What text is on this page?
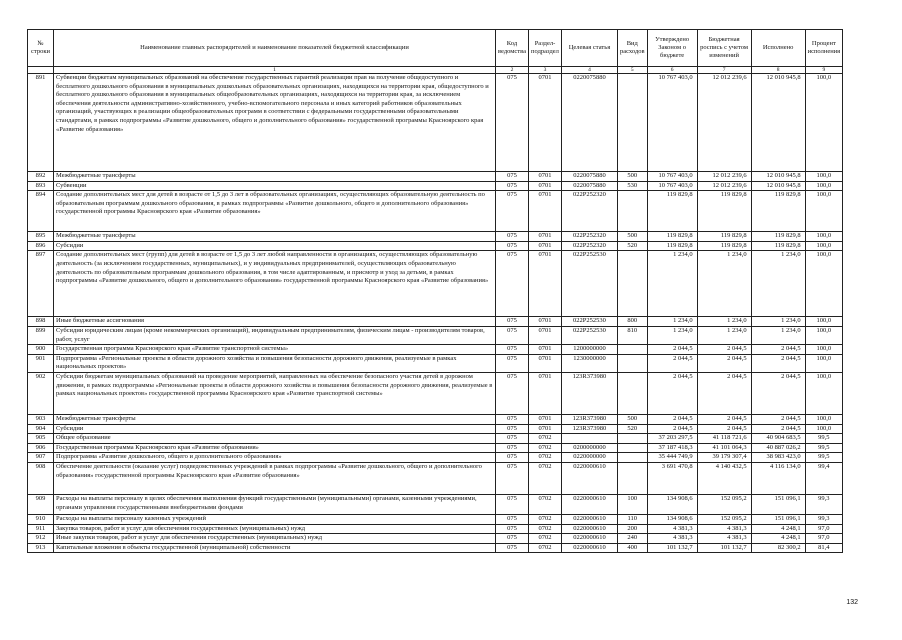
№ строки	Наименование главных распорядителей и наименование показателей бюджетной классификации	Код ведомства	Раздел-подраздел	Целевая статья	Вид расходов	Утверждено Законом о бюджете	Бюджетная роспись с учетом изменений	Исполнено	Процент исполнения
	1	2	3	4	5	6	7	8	9
891	Субвенции бюджетам муниципальных образований на обеспечение государственных гарантий реализации прав на получение общедоступного и бесплатного дошкольного образования в муниципальных дошкольных образовательных организациях, находящихся на территории края, общедоступного и бесплатного дошкольного образования в муниципальных общеобразовательных организациях, находящихся на территории края, за исключением обеспечения деятельности административно-хозяйственного, учебно-вспомогательного персонала и иных категорий работников образовательных организаций, участвующих в реализации общеобразовательных программ в соответствии с федеральными государственными образовательными стандартами, в рамках подпрограммы «Развитие дошкольного, общего и дополнительного образования» государственной программы Красноярского края «Развитие образования»	075	0701	0220075880		10 767 403,0	12 012 239,6	12 010 945,8	100,0
892	Межбюджетные трансферты	075	0701	0220075880	500	10 767 403,0	12 012 239,6	12 010 945,8	100,0
893	Субвенции	075	0701	0220075880	530	10 767 403,0	12 012 239,6	12 010 945,8	100,0
894	Создание дополнительных мест для детей в возрасте от 1,5 до 3 лет в образовательных организациях, осуществляющих образовательную деятельность по образовательным программам дошкольного образования, в рамках подпрограммы «Развитие дошкольного, общего и дополнительного образования» государственной программы Красноярского края «Развитие образования»	075	0701	022P252320		119 829,8	119 829,8	119 829,8	100,0
895	Межбюджетные трансферты	075	0701	022P252320	500	119 829,8	119 829,8	119 829,8	100,0
896	Субсидии	075	0701	022P252320	520	119 829,8	119 829,8	119 829,8	100,0
897	Создание дополнительных мест (групп) для детей в возрасте от 1,5 до 3 лет любой направленности в организациях, осуществляющих образовательную деятельность (за исключением государственных, муниципальных), и у индивидуальных предпринимателей, осуществляющих образовательную деятельность по образовательным программам дошкольного образования, в том числе адаптированным, и присмотр и уход за детьми, в рамках подпрограммы «Развитие дошкольного, общего и дополнительного образования» государственной программы Красноярского края «Развитие образования»	075	0701	022P252530		1 234,0	1 234,0	1 234,0	100,0
898	Иные бюджетные ассигнования	075	0701	022P252530	800	1 234,0	1 234,0	1 234,0	100,0
899	Субсидии юридическим лицам (кроме некоммерческих организаций), индивидуальным предпринимателям, физическим лицам - производителям товаров, работ, услуг	075	0701	022P252530	810	1 234,0	1 234,0	1 234,0	100,0
900	Государственная программа Красноярского края «Развитие транспортной системы»	075	0701	1200000000		2 044,5	2 044,5	2 044,5	100,0
901	Подпрограмма «Региональные проекты в области дорожного хозяйства и повышения безопасности дорожного движения, реализуемые в рамках национальных проектов»	075	0701	1230000000		2 044,5	2 044,5	2 044,5	100,0
902	Субсидии бюджетам муниципальных образований на проведение мероприятий, направленных на обеспечение безопасного участия детей в дорожном движении, в рамках подпрограммы «Региональные проекты в области дорожного хозяйства и повышения безопасности дорожного движения, реализуемые в рамках национальных проектов» государственной программы Красноярского края «Развитие транспортной системы»	075	0701	123R373980		2 044,5	2 044,5	2 044,5	100,0
903	Межбюджетные трансферты	075	0701	123R373980	500	2 044,5	2 044,5	2 044,5	100,0
904	Субсидии	075	0701	123R373980	520	2 044,5	2 044,5	2 044,5	100,0
905	Общее образование	075	0702			37 203 297,5	41 118 721,6	40 904 683,5	99,5
906	Государственная программа Красноярского края «Развитие образования»	075	0702	0200000000		37 187 418,3	41 101 064,3	40 887 026,2	99,5
907	Подпрограмма «Развитие дошкольного, общего и дополнительного образования»	075	0702	0220000000		35 444 749,9	39 179 307,4	38 983 423,0	99,5
908	Обеспечение деятельности (оказание услуг) подведомственных учреждений в рамках подпрограммы «Развитие дошкольного, общего и дополнительного образования» государственной программы Красноярского края «Развитие образования»	075	0702	0220000610		3 691 470,8	4 140 432,5	4 116 134,0	99,4
909	Расходы на выплаты персоналу в целях обеспечения выполнения функций государственными (муниципальными) органами, казенными учреждениями, органами управления государственными внебюджетными фондами	075	0702	0220000610	100	134 908,6	152 095,2	151 096,1	99,3
910	Расходы на выплаты персоналу казенных учреждений	075	0702	0220000610	110	134 908,6	152 095,2	151 096,1	99,3
911	Закупка товаров, работ и услуг для обеспечения государственных (муниципальных) нужд	075	0702	0220000610	200	4 381,3	4 381,3	4 248,1	97,0
912	Иные закупки товаров, работ и услуг для обеспечения государственных (муниципальных) нужд	075	0702	0220000610	240	4 381,3	4 381,3	4 248,1	97,0
913	Капитальные вложения в объекты государственной (муниципальной) собственности	075	0702	0220000610	400	101 132,7	101 132,7	82 300,2	81,4
132
